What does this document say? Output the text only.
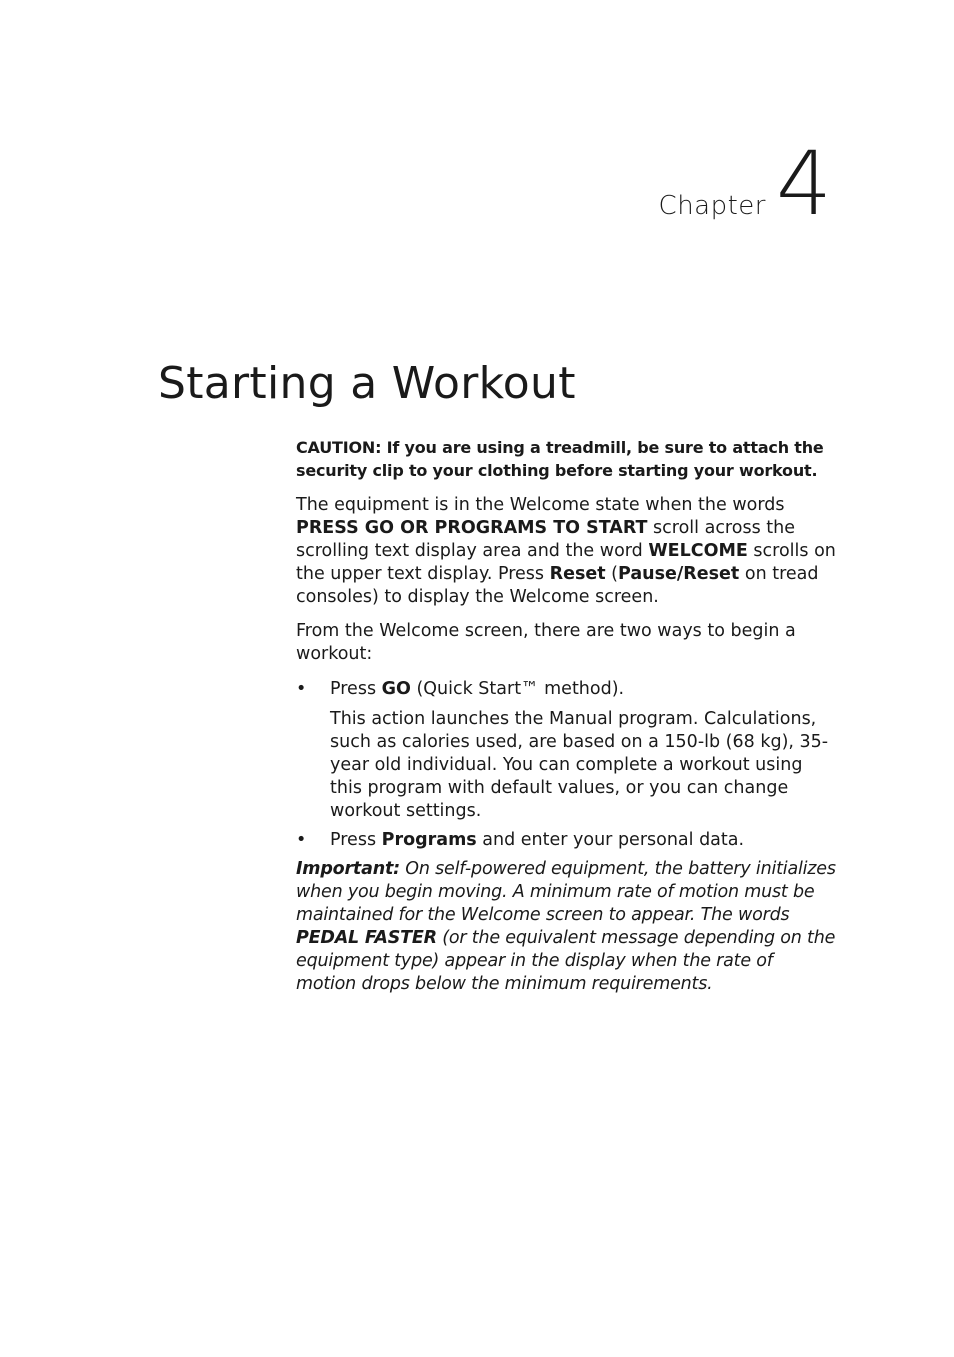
Chapter 4
Starting a Workout

CAUTION: If you are using a treadmill, be sure to attach the security clip to your clothing before starting your workout.

The equipment is in the Welcome state when the words PRESS GO OR PROGRAMS TO START scroll across the scrolling text display area and the word WELCOME scrolls on the upper text display. Press Reset (Pause/Reset on tread consoles) to display the Welcome screen.

From the Welcome screen, there are two ways to begin a workout:

• Press GO (Quick Start™ method).

This action launches the Manual program. Calculations, such as calories used, are based on a 150-lb (68 kg), 35-year old individual. You can complete a workout using this program with default values, or you can change workout settings.

• Press Programs and enter your personal data.

Important: On self-powered equipment, the battery initializes when you begin moving. A minimum rate of motion must be maintained for the Welcome screen to appear. The words PEDAL FASTER (or the equivalent message depending on the equipment type) appear in the display when the rate of motion drops below the minimum requirements.
